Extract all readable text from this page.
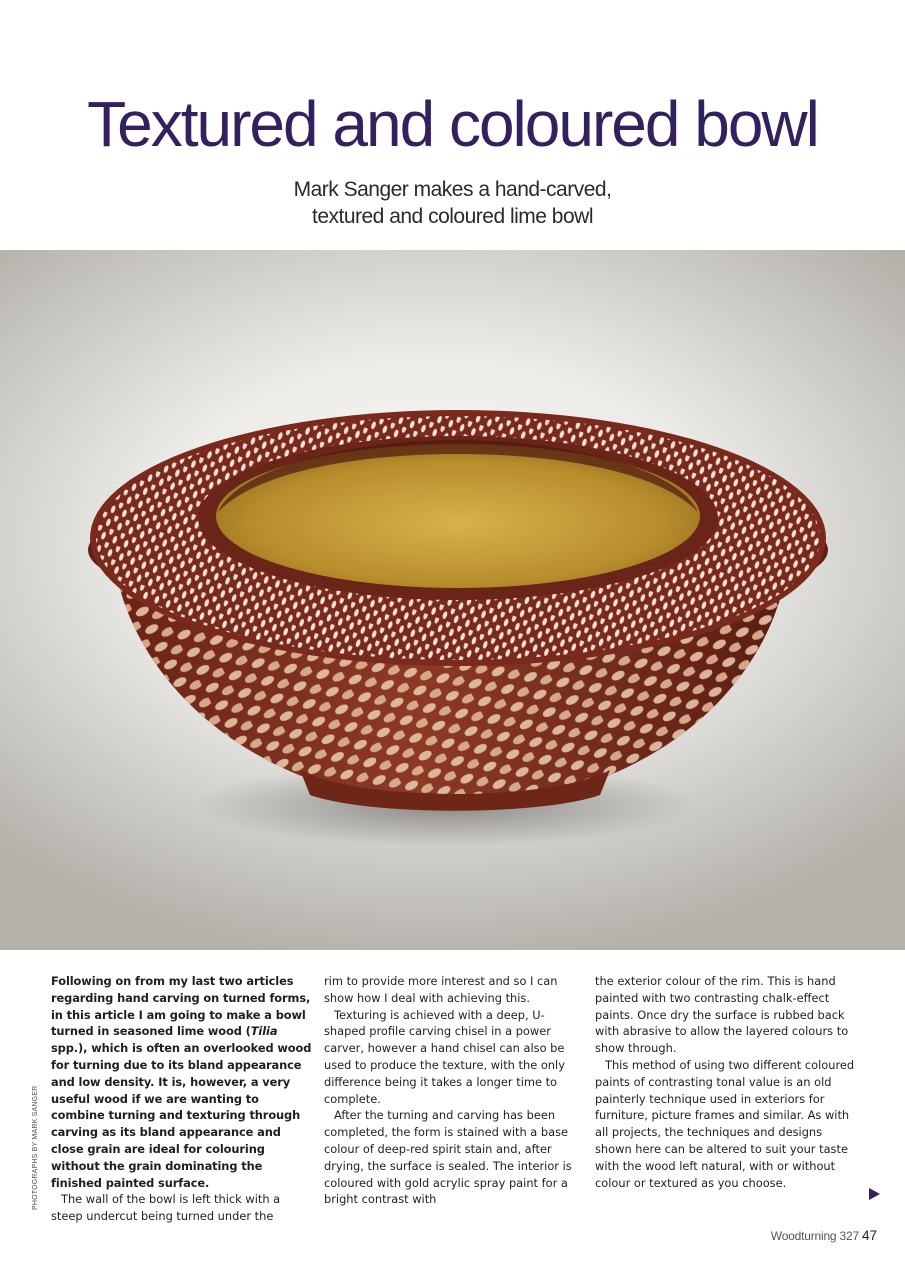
Textured and coloured bowl
Mark Sanger makes a hand-carved,
textured and coloured lime bowl
PHOTOGRAPHS BY MARK SANGER

Following on from my last two articles regarding hand carving on turned forms, in this article I am going to make a bowl turned in seasoned lime wood (Tilia spp.), which is often an overlooked wood for turning due to its bland appearance and low density. It is, however, a very useful wood if we are wanting to combine turning and texturing through carving as its bland appearance and close grain are ideal for colouring without the grain dominating the finished painted surface.

The wall of the bowl is left thick with a steep undercut being turned under the

rim to provide more interest and so I can show how I deal with achieving this.

Texturing is achieved with a deep, U-shaped profile carving chisel in a power carver, however a hand chisel can also be used to produce the texture, with the only difference being it takes a longer time to complete.

After the turning and carving has been completed, the form is stained with a base colour of deep-red spirit stain and, after drying, the surface is sealed. The interior is coloured with gold acrylic spray paint for a bright contrast with

the exterior colour of the rim. This is hand painted with two contrasting chalk-effect paints. Once dry the surface is rubbed back with abrasive to allow the layered colours to show through.

This method of using two different coloured paints of contrasting tonal value is an old painterly technique used in exteriors for furniture, picture frames and similar. As with all projects, the techniques and designs shown here can be altered to suit your taste with the wood left natural, with or without colour or textured as you choose.

Woodturning 327 47
